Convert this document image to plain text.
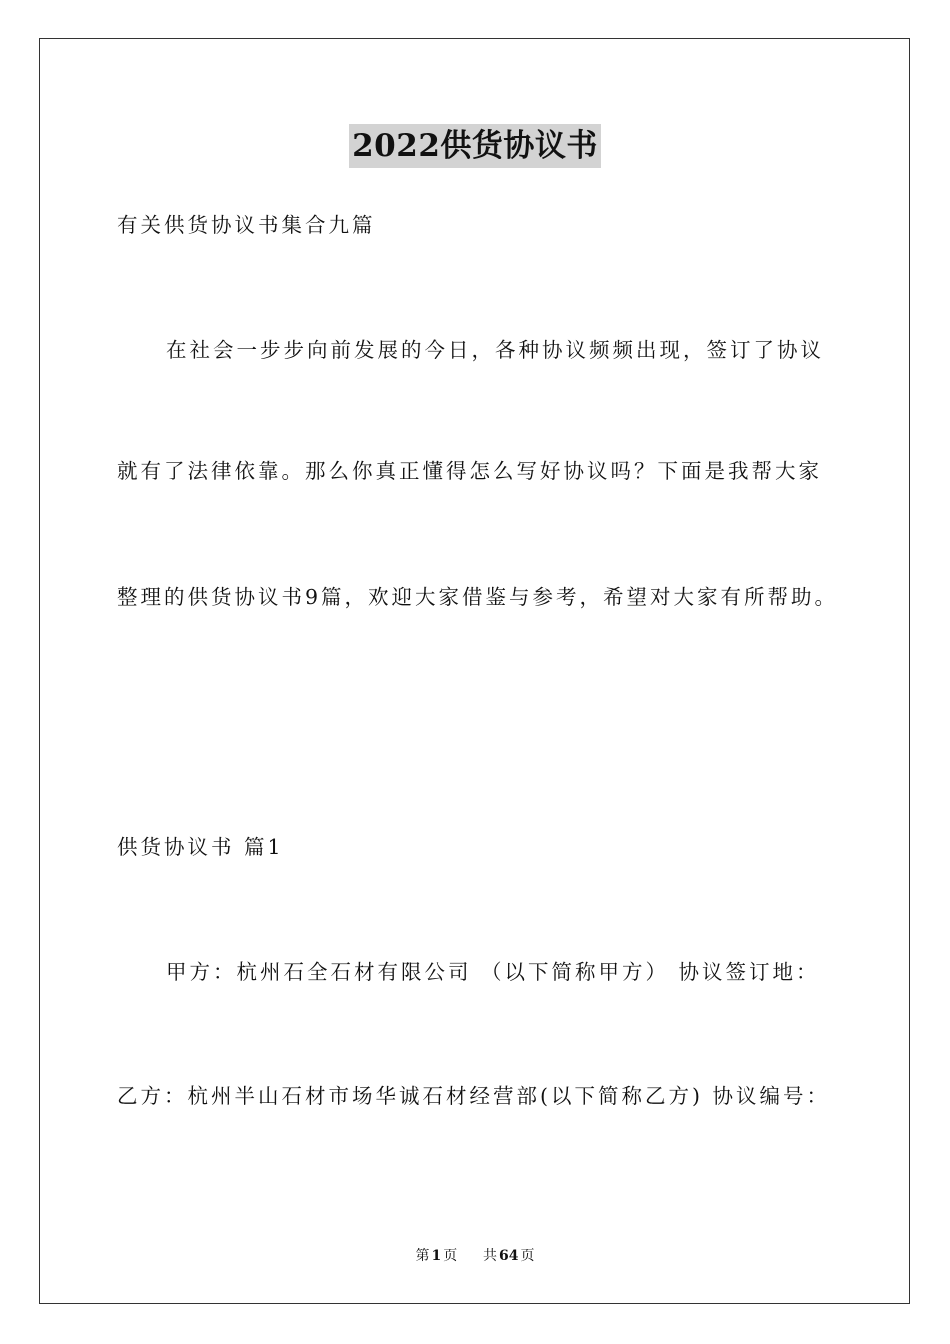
2022供货协议书
有关供货协议书集合九篇
在社会一步步向前发展的今日，各种协议频频出现，签订了协议
就有了法律依靠。那么你真正懂得怎么写好协议吗？下面是我帮大家
整理的供货协议书9篇，欢迎大家借鉴与参考，希望对大家有所帮助。
供货协议书 篇1
甲方：杭州石全石材有限公司 （以下简称甲方） 协议签订地：
乙方：杭州半山石材市场华诚石材经营部(以下简称乙方) 协议编号：
第 1 页 共 64 页
